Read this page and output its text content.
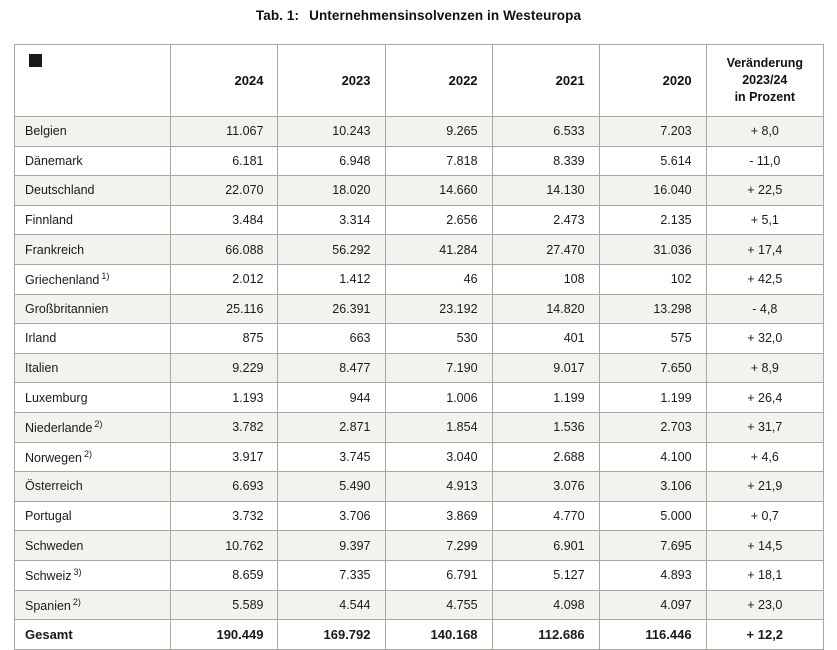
Tab. 1: Unternehmensinsolvenzen in Westeuropa
	2024	2023	2022	2021	2020	Veränderung
2023/24
in Prozent

Belgien	11.067	10.243	9.265	6.533	7.203	+ 8,0
Dänemark	6.181	6.948	7.818	8.339	5.614	- 11,0
Deutschland	22.070	18.020	14.660	14.130	16.040	+ 22,5
Finnland	3.484	3.314	2.656	2.473	2.135	+ 5,1
Frankreich	66.088	56.292	41.284	27.470	31.036	+ 17,4
Griechenland $^{1)}$	2.012	1.412	46	108	102	+ 42,5
Großbritannien	25.116	26.391	23.192	14.820	13.298	- 4,8
Irland	875	663	530	401	575	+ 32,0
Italien	9.229	8.477	7.190	9.017	7.650	+ 8,9
Luxemburg	1.193	944	1.006	1.199	1.199	+ 26,4
Niederlande $^{2)}$	3.782	2.871	1.854	1.536	2.703	+ 31,7
Norwegen $^{2)}$	3.917	3.745	3.040	2.688	4.100	+ 4,6
Österreich	6.693	5.490	4.913	3.076	3.106	+ 21,9
Portugal	3.732	3.706	3.869	4.770	5.000	+ 0,7
Schweden	10.762	9.397	7.299	6.901	7.695	+ 14,5
Schweiz $^{3)}$	8.659	7.335	6.791	5.127	4.893	+ 18,1
Spanien $^{2)}$	5.589	4.544	4.755	4.098	4.097	+ 23,0
Gesamt	190.449	169.792	140.168	112.686	116.446	+ 12,2
